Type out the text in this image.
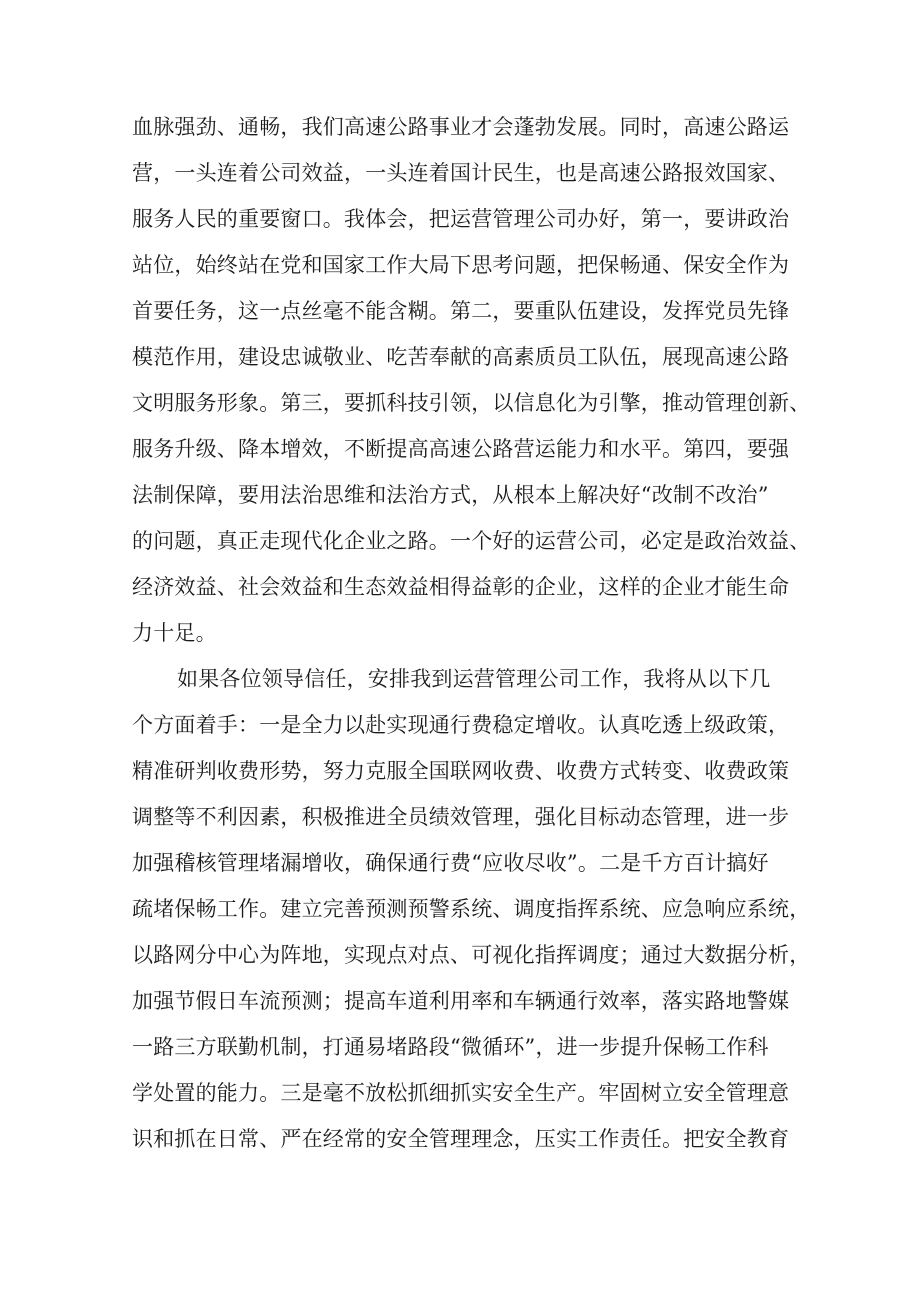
血脉强劲、通畅，我们高速公路事业才会蓬勃发展。同时，高速公路运
营，一头连着公司效益，一头连着国计民生，也是高速公路报效国家、
服务人民的重要窗口。我体会，把运营管理公司办好，第一，要讲政治
站位，始终站在党和国家工作大局下思考问题，把保畅通、保安全作为
首要任务，这一点丝毫不能含糊。第二，要重队伍建设，发挥党员先锋
模范作用，建设忠诚敬业、吃苦奉献的高素质员工队伍，展现高速公路
文明服务形象。第三，要抓科技引领，以信息化为引擎，推动管理创新、
服务升级、降本增效，不断提高高速公路营运能力和水平。第四，要强
法制保障，要用法治思维和法治方式，从根本上解决好“改制不改治”
的问题，真正走现代化企业之路。一个好的运营公司，必定是政治效益、
经济效益、社会效益和生态效益相得益彰的企业，这样的企业才能生命
力十足。
如果各位领导信任，安排我到运营管理公司工作，我将从以下几
个方面着手：一是全力以赴实现通行费稳定增收。认真吃透上级政策，
精准研判收费形势，努力克服全国联网收费、收费方式转变、收费政策
调整等不利因素，积极推进全员绩效管理，强化目标动态管理，进一步
加强稽核管理堵漏增收，确保通行费“应收尽收”。二是千方百计搞好
疏堵保畅工作。建立完善预测预警系统、调度指挥系统、应急响应系统，
以路网分中心为阵地，实现点对点、可视化指挥调度；通过大数据分析，
加强节假日车流预测；提高车道利用率和车辆通行效率，落实路地警媒
一路三方联勤机制，打通易堵路段“微循环”，进一步提升保畅工作科
学处置的能力。三是毫不放松抓细抓实安全生产。牢固树立安全管理意
识和抓在日常、严在经常的安全管理理念，压实工作责任。把安全教育
